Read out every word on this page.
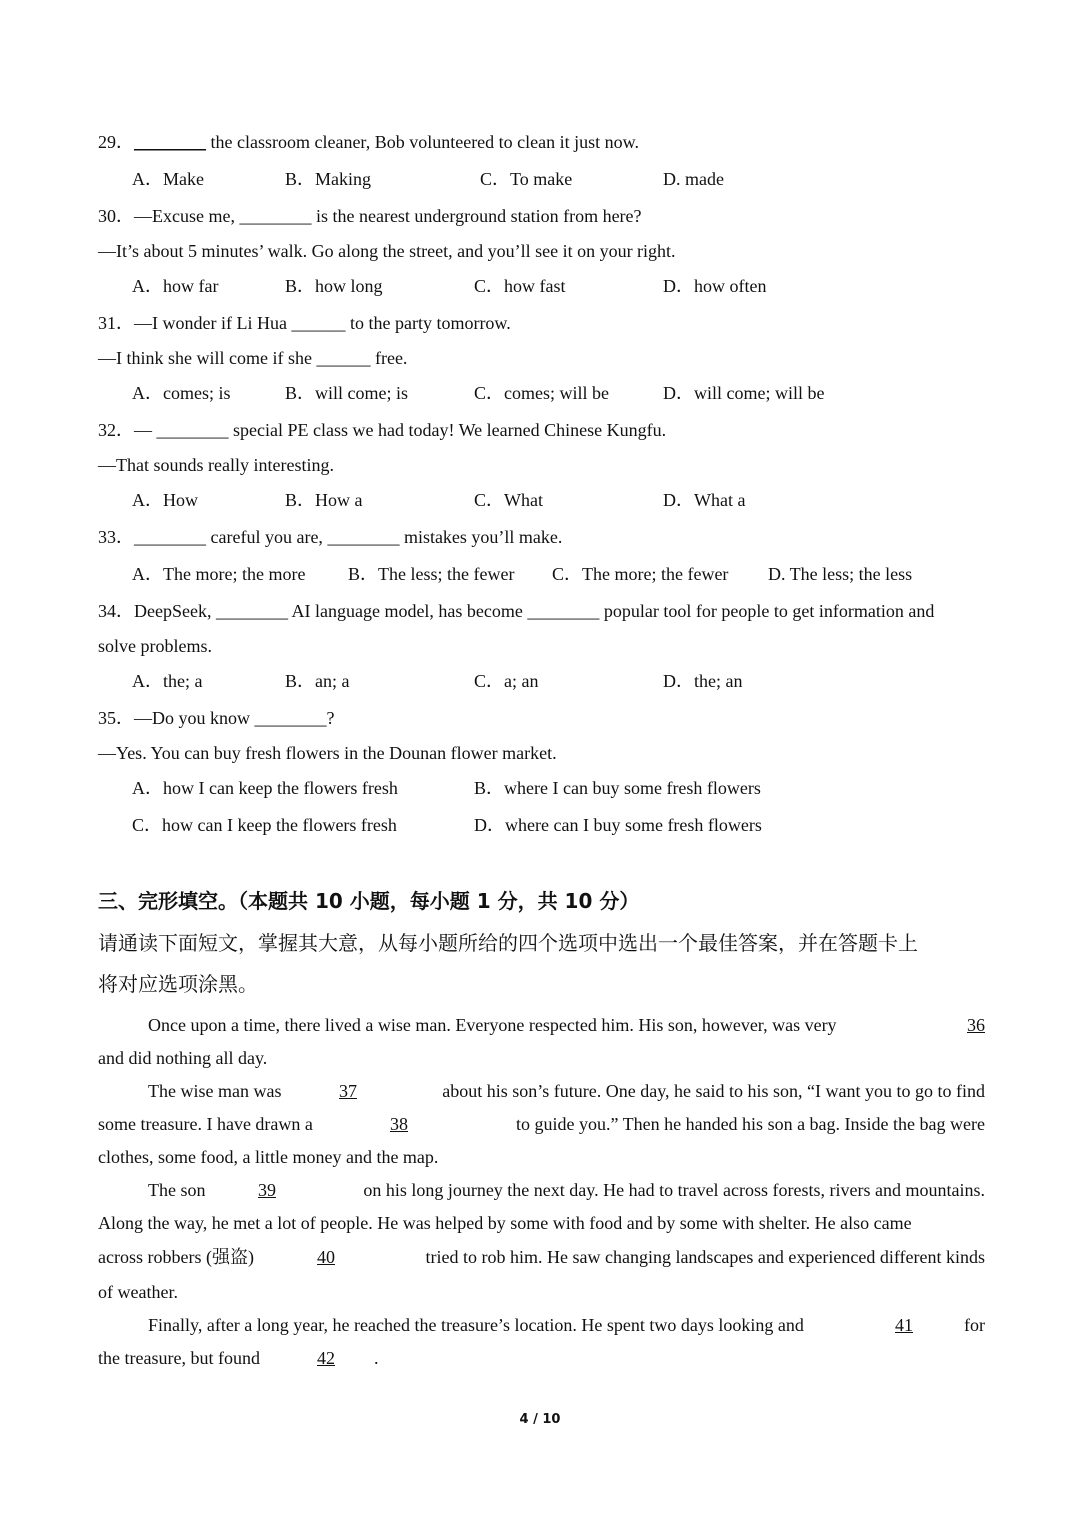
29．________ the classroom cleaner, Bob volunteered to clean it just now.
A．Make	B．Making	C．To make	D. made
30．—Excuse me, ________ is the nearest underground station from here?
—It’s about 5 minutes’ walk. Go along the street, and you’ll see it on your right.
A．how far	B．how long	C．how fast	D．how often
31．—I wonder if Li Hua ______ to the party tomorrow.
—I think she will come if she ______ free.
A．comes; is	B．will come; is	C．comes; will be	D．will come; will be
32．— ________ special PE class we had today! We learned Chinese Kungfu.
—That sounds really interesting.
A．How	B．How a	C．What	D．What a
33．________ careful you are, ________ mistakes you’ll make.
A．The more; the more B．The less; the fewer C．The more; the fewer D. The less; the less
34．DeepSeek, ________ AI language model, has become ________ popular tool for people to get information and
solve problems.
A．the; a	B．an; a	C．a; an	D．the; an
35．—Do you know ________?
—Yes. You can buy fresh flowers in the Dounan flower market.
A．how I can keep the flowers fresh	B．where I can buy some fresh flowers
C．how can I keep the flowers fresh	D．where can I buy some fresh flowers
三、完形填空。（本题共 10 小题，每小题 1 分，共 10 分）
请通读下面短文，掌握其大意，从每小题所给的四个选项中选出一个最佳答案，并在答题卡上
将对应选项涂黑。
Once upon a time, there lived a wise man. Everyone respected him. His son, however, was very	36
and did nothing all day.
The wise man was	37	about his son’s future. One day, he said to his son, “I want you to go to find
some treasure. I have drawn a	38	to guide you.” Then he handed his son a bag. Inside the bag were
clothes, some food, a little money and the map.
The son	39	on his long journey the next day. He had to travel across forests, rivers and mountains.
Along the way, he met a lot of people. He was helped by some with food and by some with shelter. He also came
across robbers (强盗)	40	tried to rob him. He saw changing landscapes and experienced different kinds
of weather.
Finally, after a long year, he reached the treasure’s location. He spent two days looking and	41	for
the treasure, but found	42	.
4 / 10
